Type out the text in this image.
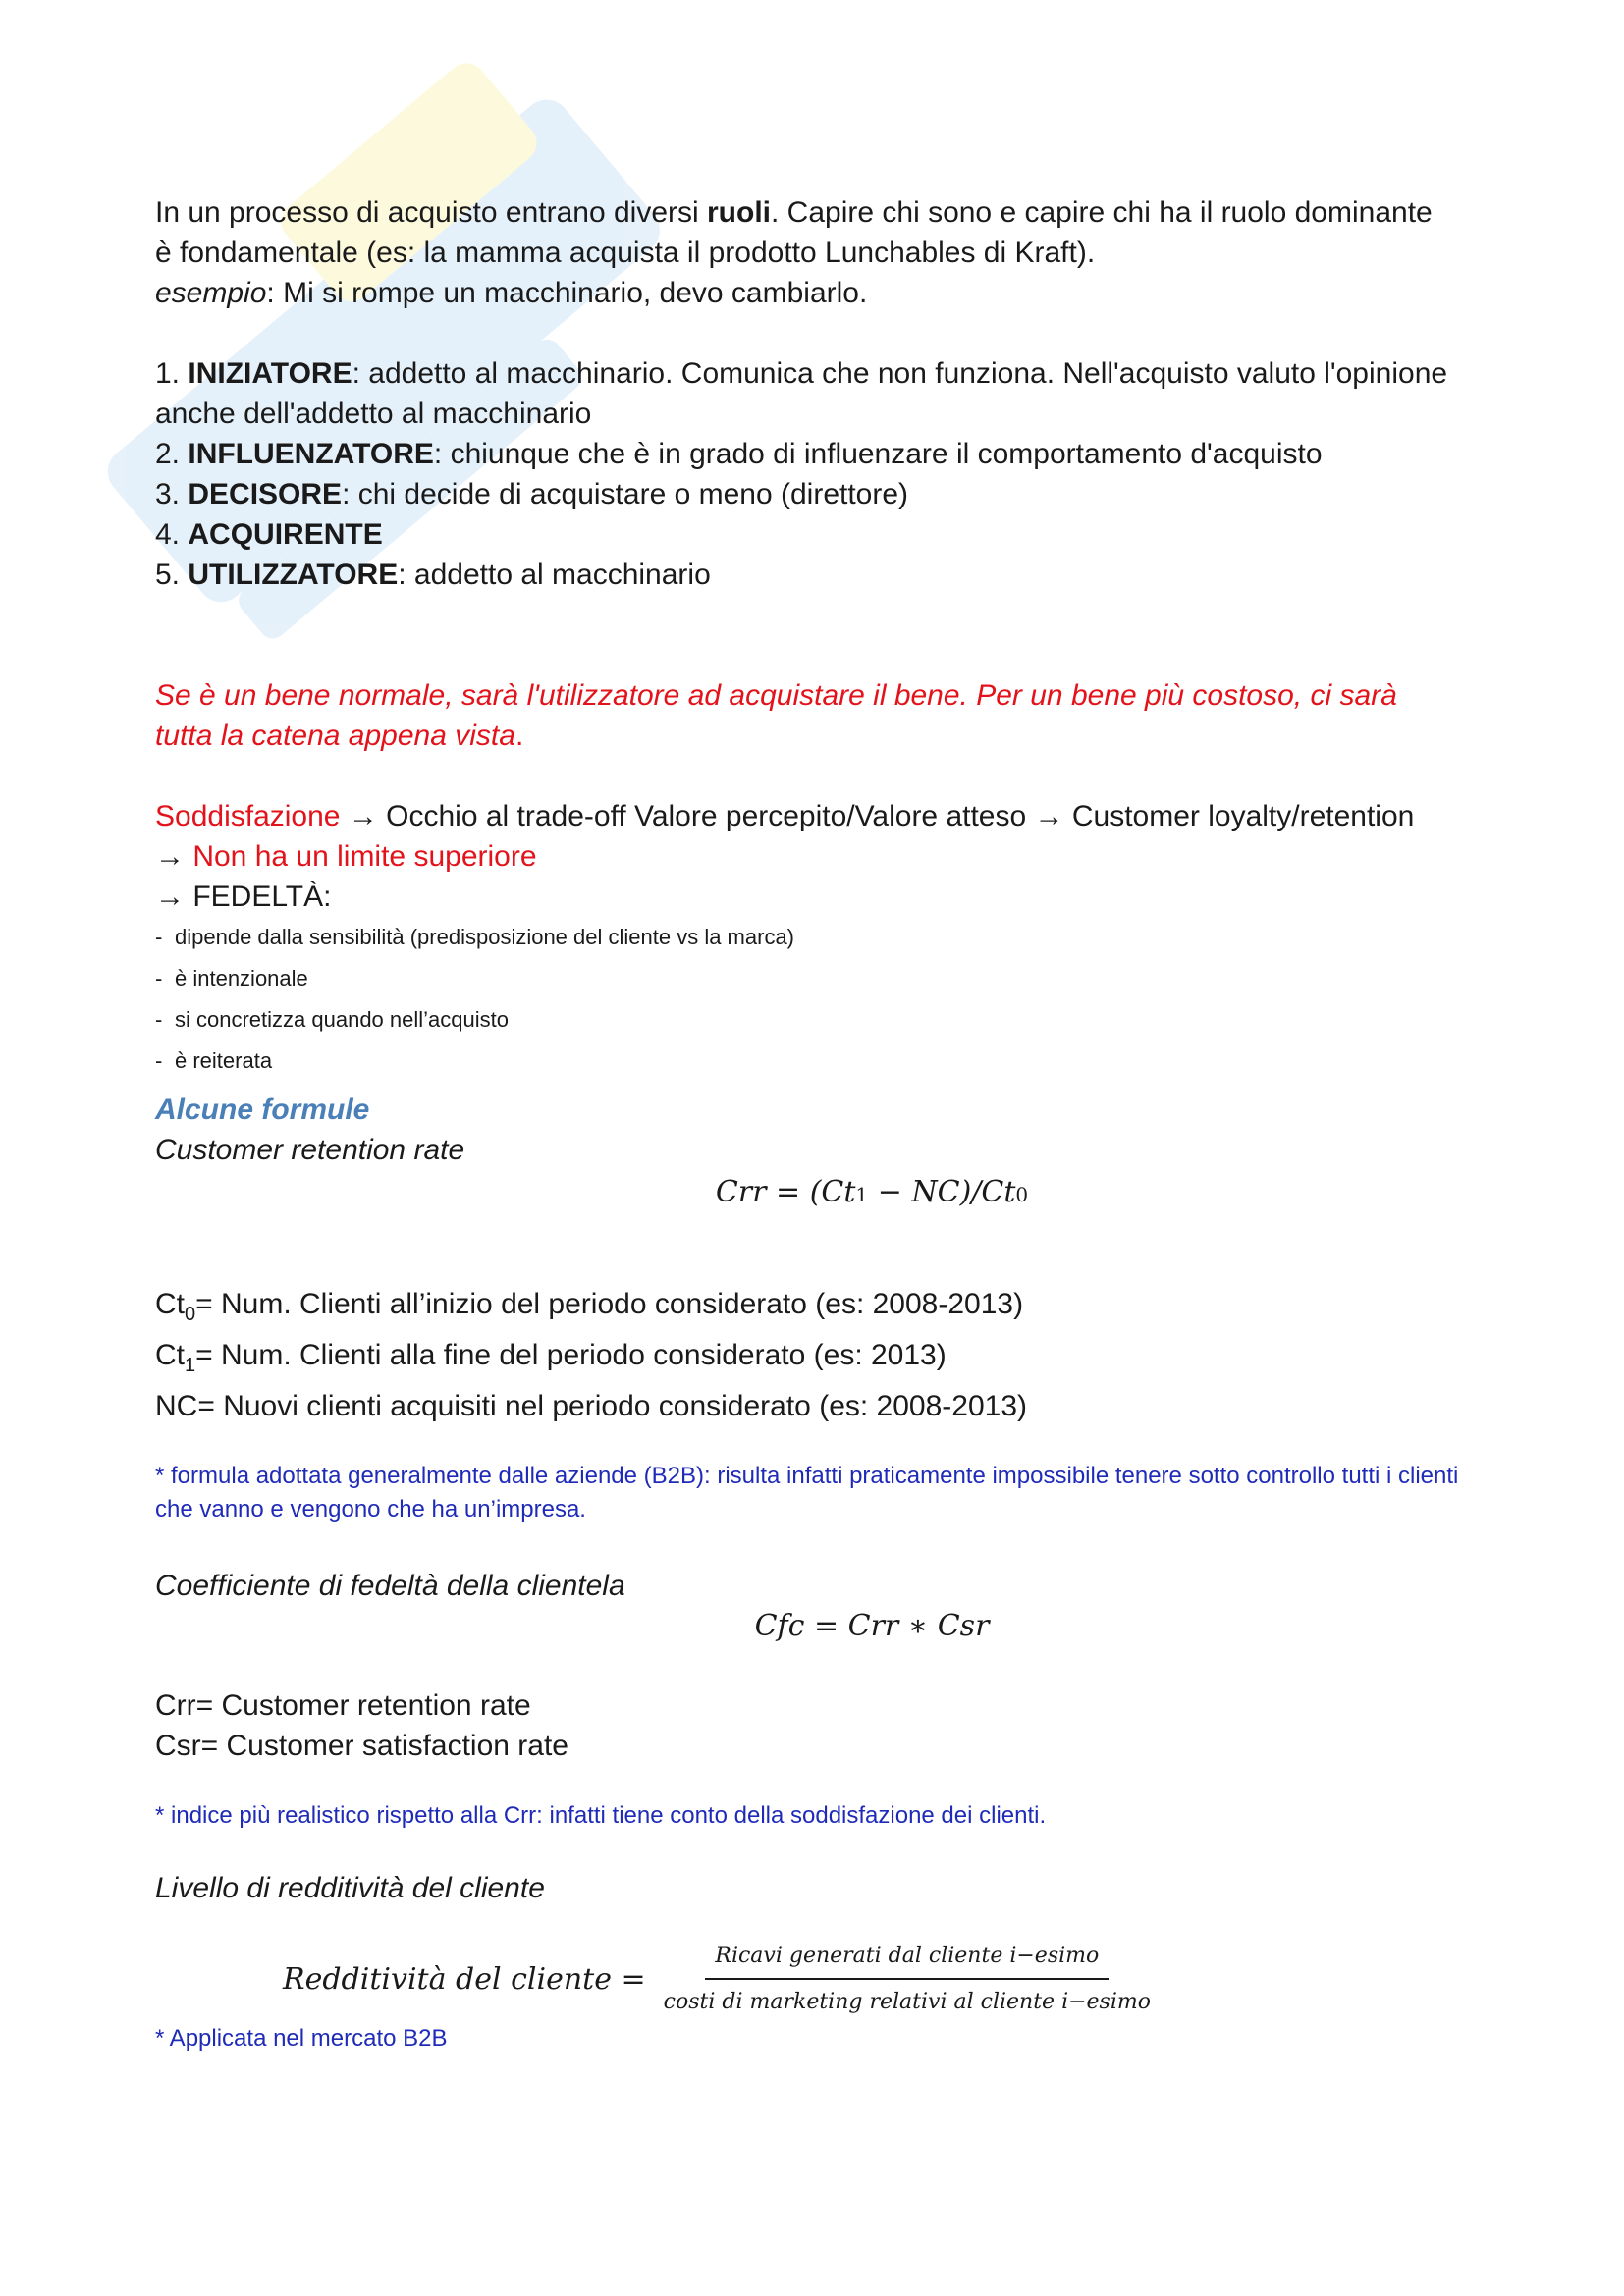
In un processo di acquisto entrano diversi ruoli. Capire chi sono e capire chi ha il ruolo dominante
è fondamentale (es: la mamma acquista il prodotto Lunchables di Kraft).
esempio: Mi si rompe un macchinario, devo cambiarlo.

1. INIZIATORE: addetto al macchinario. Comunica che non funziona. Nell'acquisto valuto l'opinione
anche dell'addetto al macchinario

2. INFLUENZATORE: chiunque che è in grado di influenzare il comportamento d'acquisto

3. DECISORE: chi decide di acquistare o meno (direttore)

4. ACQUIRENTE

5. UTILIZZATORE: addetto al macchinario

Se è un bene normale, sarà l'utilizzatore ad acquistare il bene. Per un bene più costoso, ci sarà
tutta la catena appena vista.

Soddisfazione → Occhio al trade-off Valore percepito/Valore atteso → Customer loyalty/retention
→ Non ha un limite superiore
→ FEDELTÀ:

- dipende dalla sensibilità (predisposizione del cliente vs la marca)
- è intenzionale
- si concretizza quando nell’acquisto
- è reiterata

Alcune formule

Customer retention rate

Crr = (Ct1 − NC)/Ct0

$Ct_0=$ Num. Clienti all’inizio del periodo considerato (es: 2008-2013)

$Ct_1=$ Num. Clienti alla fine del periodo considerato (es: 2013)

NC= Nuovi clienti acquisiti nel periodo considerato (es: 2008-2013)

* formula adottata generalmente dalle aziende (B2B): risulta infatti praticamente impossibile tenere sotto controllo tutti i clienti che vanno e vengono che ha un’impresa.

Coefficiente di fedeltà della clientela

Cfc = Crr ∗ Csr

Crr= Customer retention rate

Csr= Customer satisfaction rate

* indice più realistico rispetto alla Crr: infatti tiene conto della soddisfazione dei clienti.

Livello di redditività del cliente

Redditività del cliente = $\frac{\text{Ricavi generati dal cliente i−esimo}}{\text{costi di marketing relativi al cliente i−esimo}}$

* Applicata nel mercato B2B
